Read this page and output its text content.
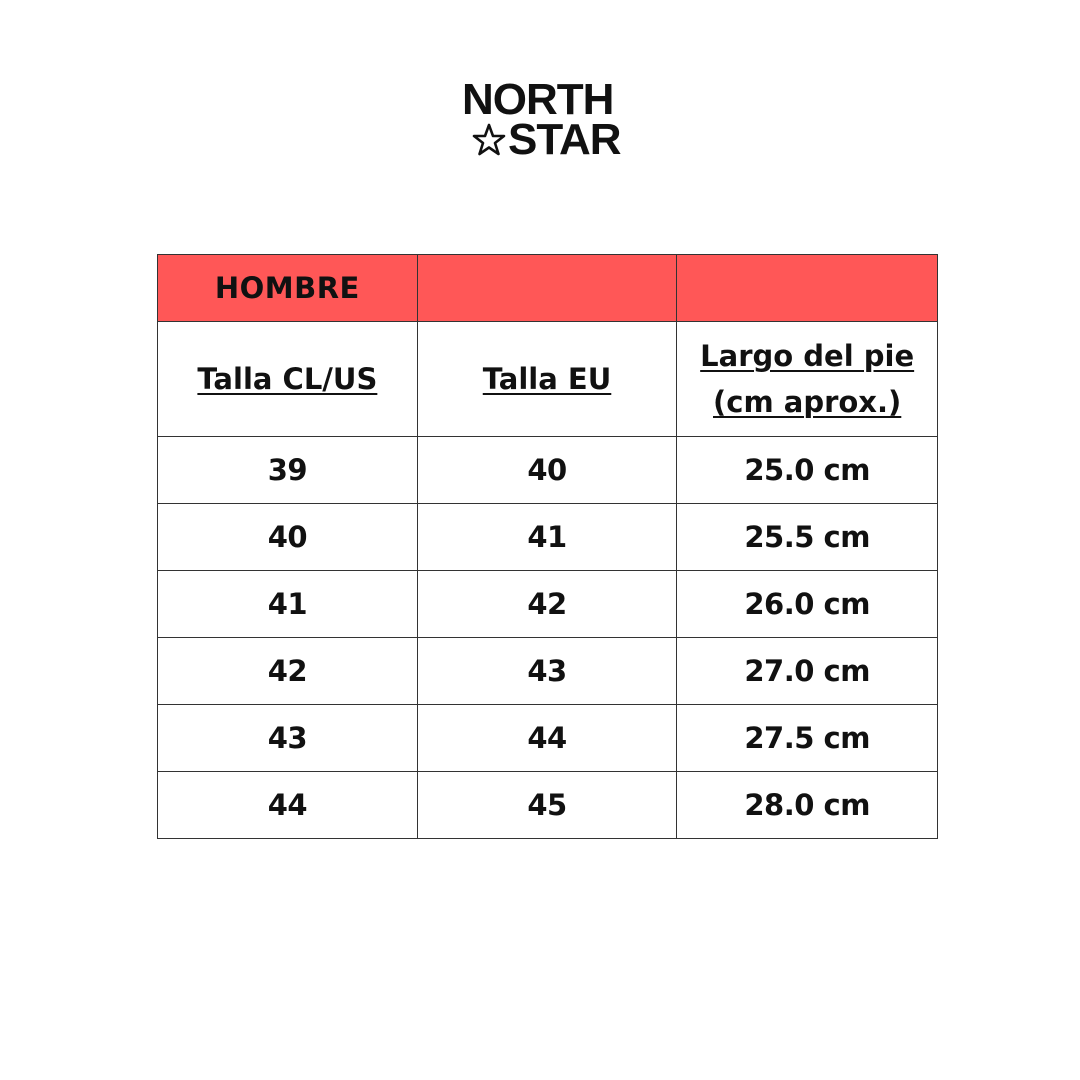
NORTH
STAR
HOMBRE		
Talla CL/US	Talla EU	Largo del pie
(cm aprox.)
39	40	25.0 cm
40	41	25.5 cm
41	42	26.0 cm
42	43	27.0 cm
43	44	27.5 cm
44	45	28.0 cm
